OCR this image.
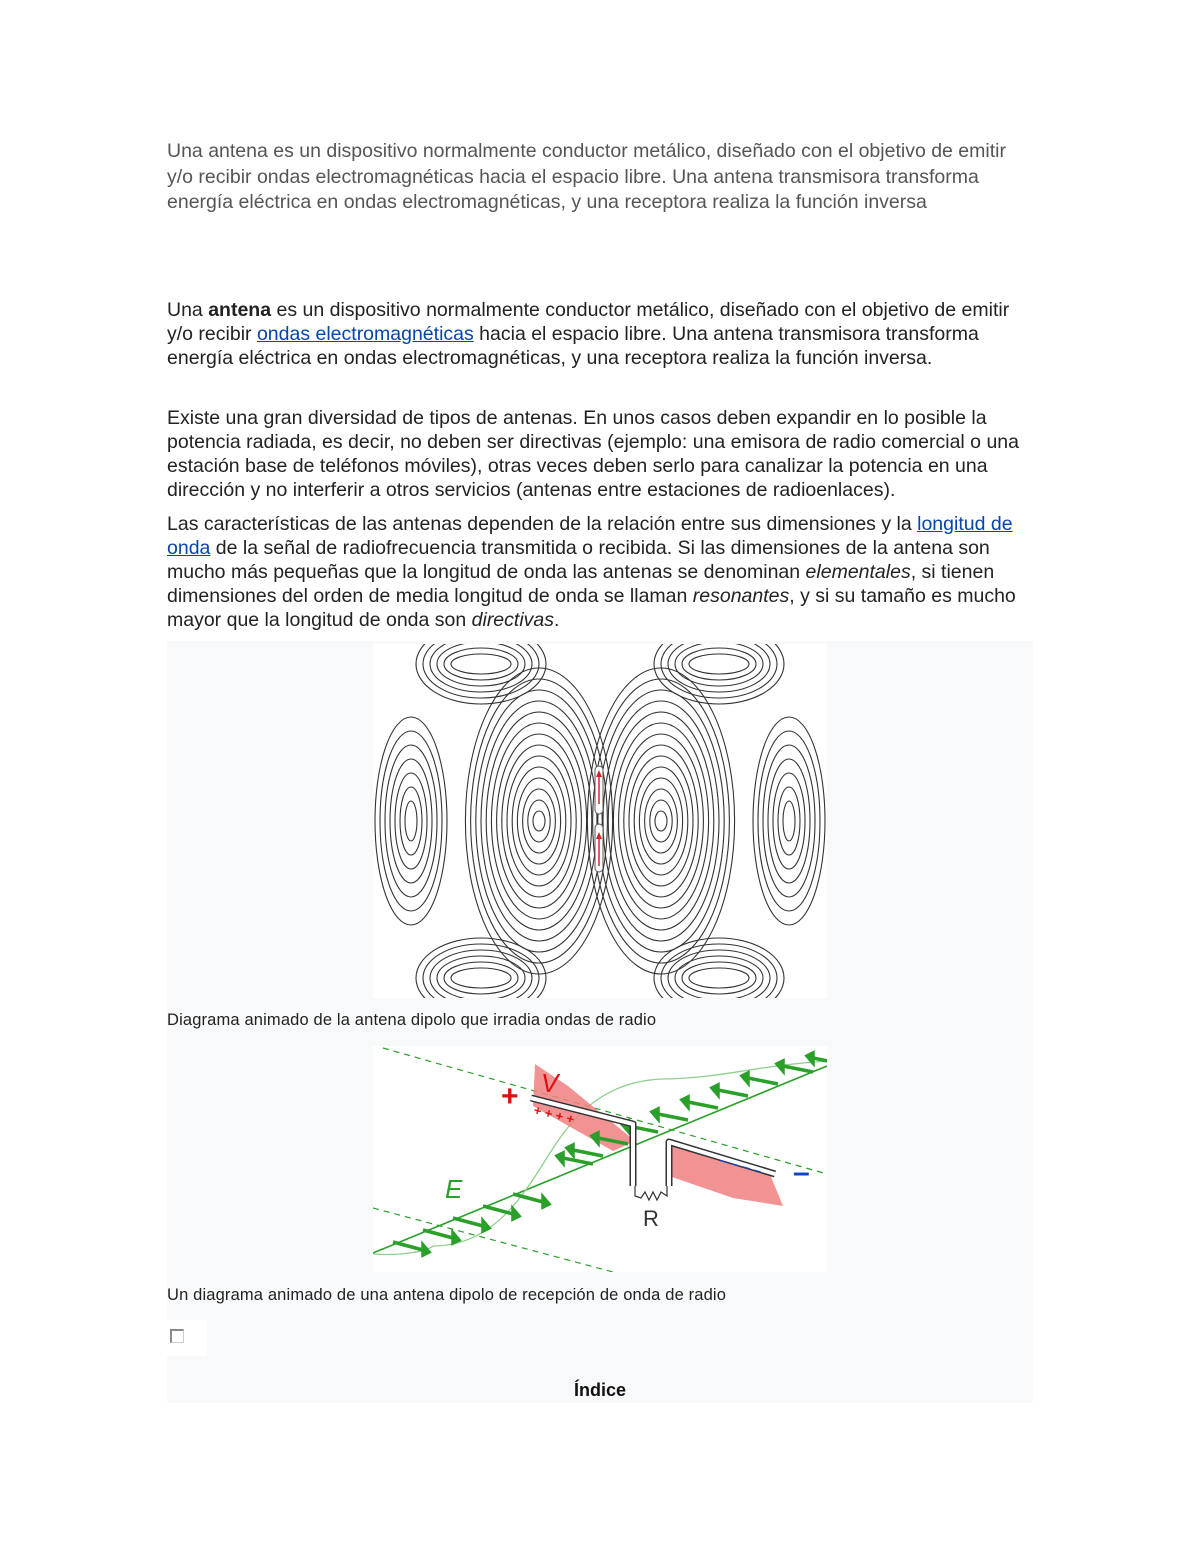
Una antena es un dispositivo normalmente conductor metálico, diseñado con el objetivo de emitir y/o recibir ondas electromagnéticas hacia el espacio libre. Una antena transmisora transforma energía eléctrica en ondas electromagnéticas, y una receptora realiza la función inversa

Una antena es un dispositivo normalmente conductor metálico, diseñado con el objetivo de emitir y/o recibir ondas electromagnéticas hacia el espacio libre. Una antena transmisora transforma energía eléctrica en ondas electromagnéticas, y una receptora realiza la función inversa.

Existe una gran diversidad de tipos de antenas. En unos casos deben expandir en lo posible la potencia radiada, es decir, no deben ser directivas (ejemplo: una emisora de radio comercial o una estación base de teléfonos móviles), otras veces deben serlo para canalizar la potencia en una dirección y no interferir a otros servicios (antenas entre estaciones de radioenlaces).

Las características de las antenas dependen de la relación entre sus dimensiones y la longitud de onda de la señal de radiofrecuencia transmitida o recibida. Si las dimensiones de la antena son mucho más pequeñas que la longitud de onda las antenas se denominan elementales, si tienen dimensiones del orden de media longitud de onda se llaman resonantes, y si su tamaño es mucho mayor que la longitud de onda son directivas.

Diagrama animado de la antena dipolo que irradia ondas de radio

V
+
+ + + +
– – – – –
E
R

Un diagrama animado de una antena dipolo de recepción de onda de radio

Índice
